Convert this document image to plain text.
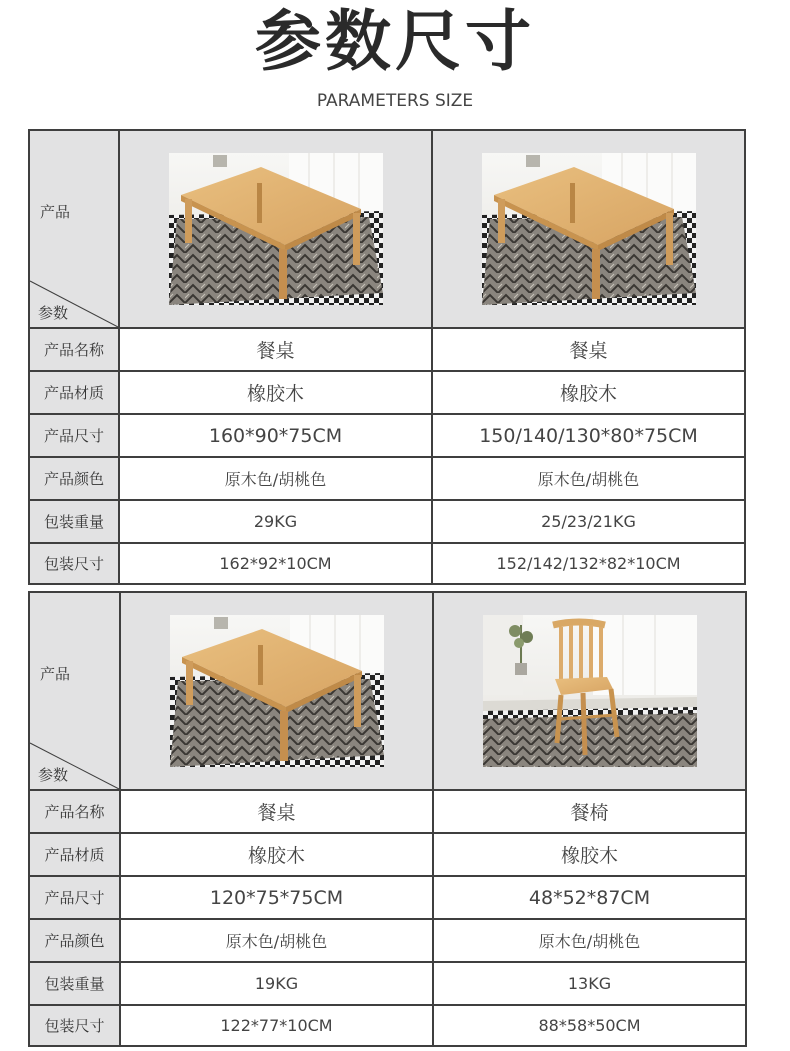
参数尺寸
PARAMETERS SIZE
产品
参数

产品名称	餐桌	餐桌
产品材质	橡胶木	橡胶木
产品尺寸	160*90*75CM	150/140/130*80*75CM
产品颜色	原木色/胡桃色	原木色/胡桃色
包装重量	29KG	25/23/21KG
包装尺寸	162*92*10CM	152/142/132*82*10CM
产品
参数

产品名称	餐桌	餐椅
产品材质	橡胶木	橡胶木
产品尺寸	120*75*75CM	48*52*87CM
产品颜色	原木色/胡桃色	原木色/胡桃色
包装重量	19KG	13KG
包装尺寸	122*77*10CM	88*58*50CM
